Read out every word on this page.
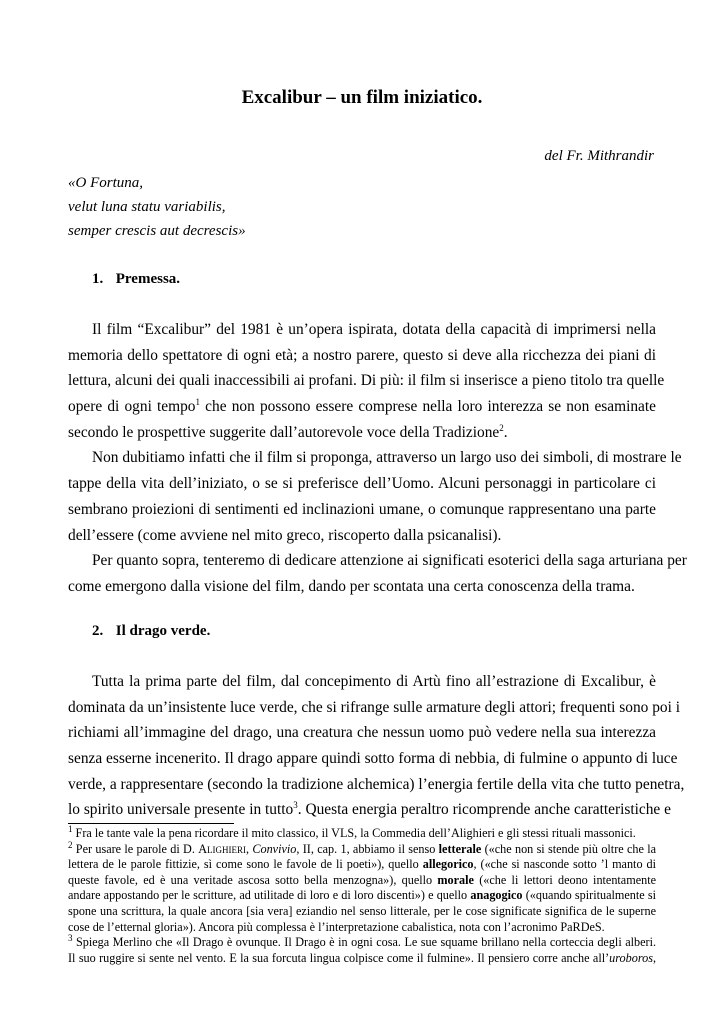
Excalibur – un film iniziatico.
del Fr. Mithrandir
«O Fortuna,
velut luna statu variabilis,
semper crescis aut decrescis»
1. Premessa.
Il film “Excalibur” del 1981 è un’opera ispirata, dotata della capacità di imprimersi nella
memoria dello spettatore di ogni età; a nostro parere, questo si deve alla ricchezza dei piani di
lettura, alcuni dei quali inaccessibili ai profani. Di più: il film si inserisce a pieno titolo tra quelle
opere di ogni tempo$^1$ che non possono essere comprese nella loro interezza se non esaminate
secondo le prospettive suggerite dall’autorevole voce della Tradizione$^2$.
Non dubitiamo infatti che il film si proponga, attraverso un largo uso dei simboli, di mostrare le
tappe della vita dell’iniziato, o se si preferisce dell’Uomo. Alcuni personaggi in particolare ci
sembrano proiezioni di sentimenti ed inclinazioni umane, o comunque rappresentano una parte
dell’essere (come avviene nel mito greco, riscoperto dalla psicanalisi).
Per quanto sopra, tenteremo di dedicare attenzione ai significati esoterici della saga arturiana per
come emergono dalla visione del film, dando per scontata una certa conoscenza della trama.
2. Il drago verde.
Tutta la prima parte del film, dal concepimento di Artù fino all’estrazione di Excalibur, è
dominata da un’insistente luce verde, che si rifrange sulle armature degli attori; frequenti sono poi i
richiami all’immagine del drago, una creatura che nessun uomo può vedere nella sua interezza
senza esserne incenerito. Il drago appare quindi sotto forma di nebbia, di fulmine o appunto di luce
verde, a rappresentare (secondo la tradizione alchemica) l’energia fertile della vita che tutto penetra,
lo spirito universale presente in tutto$^3$. Questa energia peraltro ricomprende anche caratteristiche e
$^1$ Fra le tante vale la pena ricordare il mito classico, il VLS, la Commedia dell’Alighieri e gli stessi rituali massonici.
$^2$ Per usare le parole di D. Alighieri, Convivio, II, cap. 1, abbiamo il senso letterale («che non si stende più oltre che la
lettera de le parole fittizie, sì come sono le favole de li poeti»), quello allegorico, («che si nasconde sotto ’l manto di
queste favole, ed è una veritade ascosa sotto bella menzogna»), quello morale («che li lettori deono intentamente
andare appostando per le scritture, ad utilitade di loro e di loro discenti») e quello anagogico («quando spiritualmente si
spone una scrittura, la quale ancora [sia vera] eziandio nel senso litterale, per le cose significate significa de le superne
cose de l’etternal gloria»). Ancora più complessa è l’interpretazione cabalistica, nota con l’acronimo PaRDeS.
$^3$ Spiega Merlino che «Il Drago è ovunque. Il Drago è in ogni cosa. Le sue squame brillano nella corteccia degli alberi.
Il suo ruggire si sente nel vento. E la sua forcuta lingua colpisce come il fulmine». Il pensiero corre anche all’uroboros,
